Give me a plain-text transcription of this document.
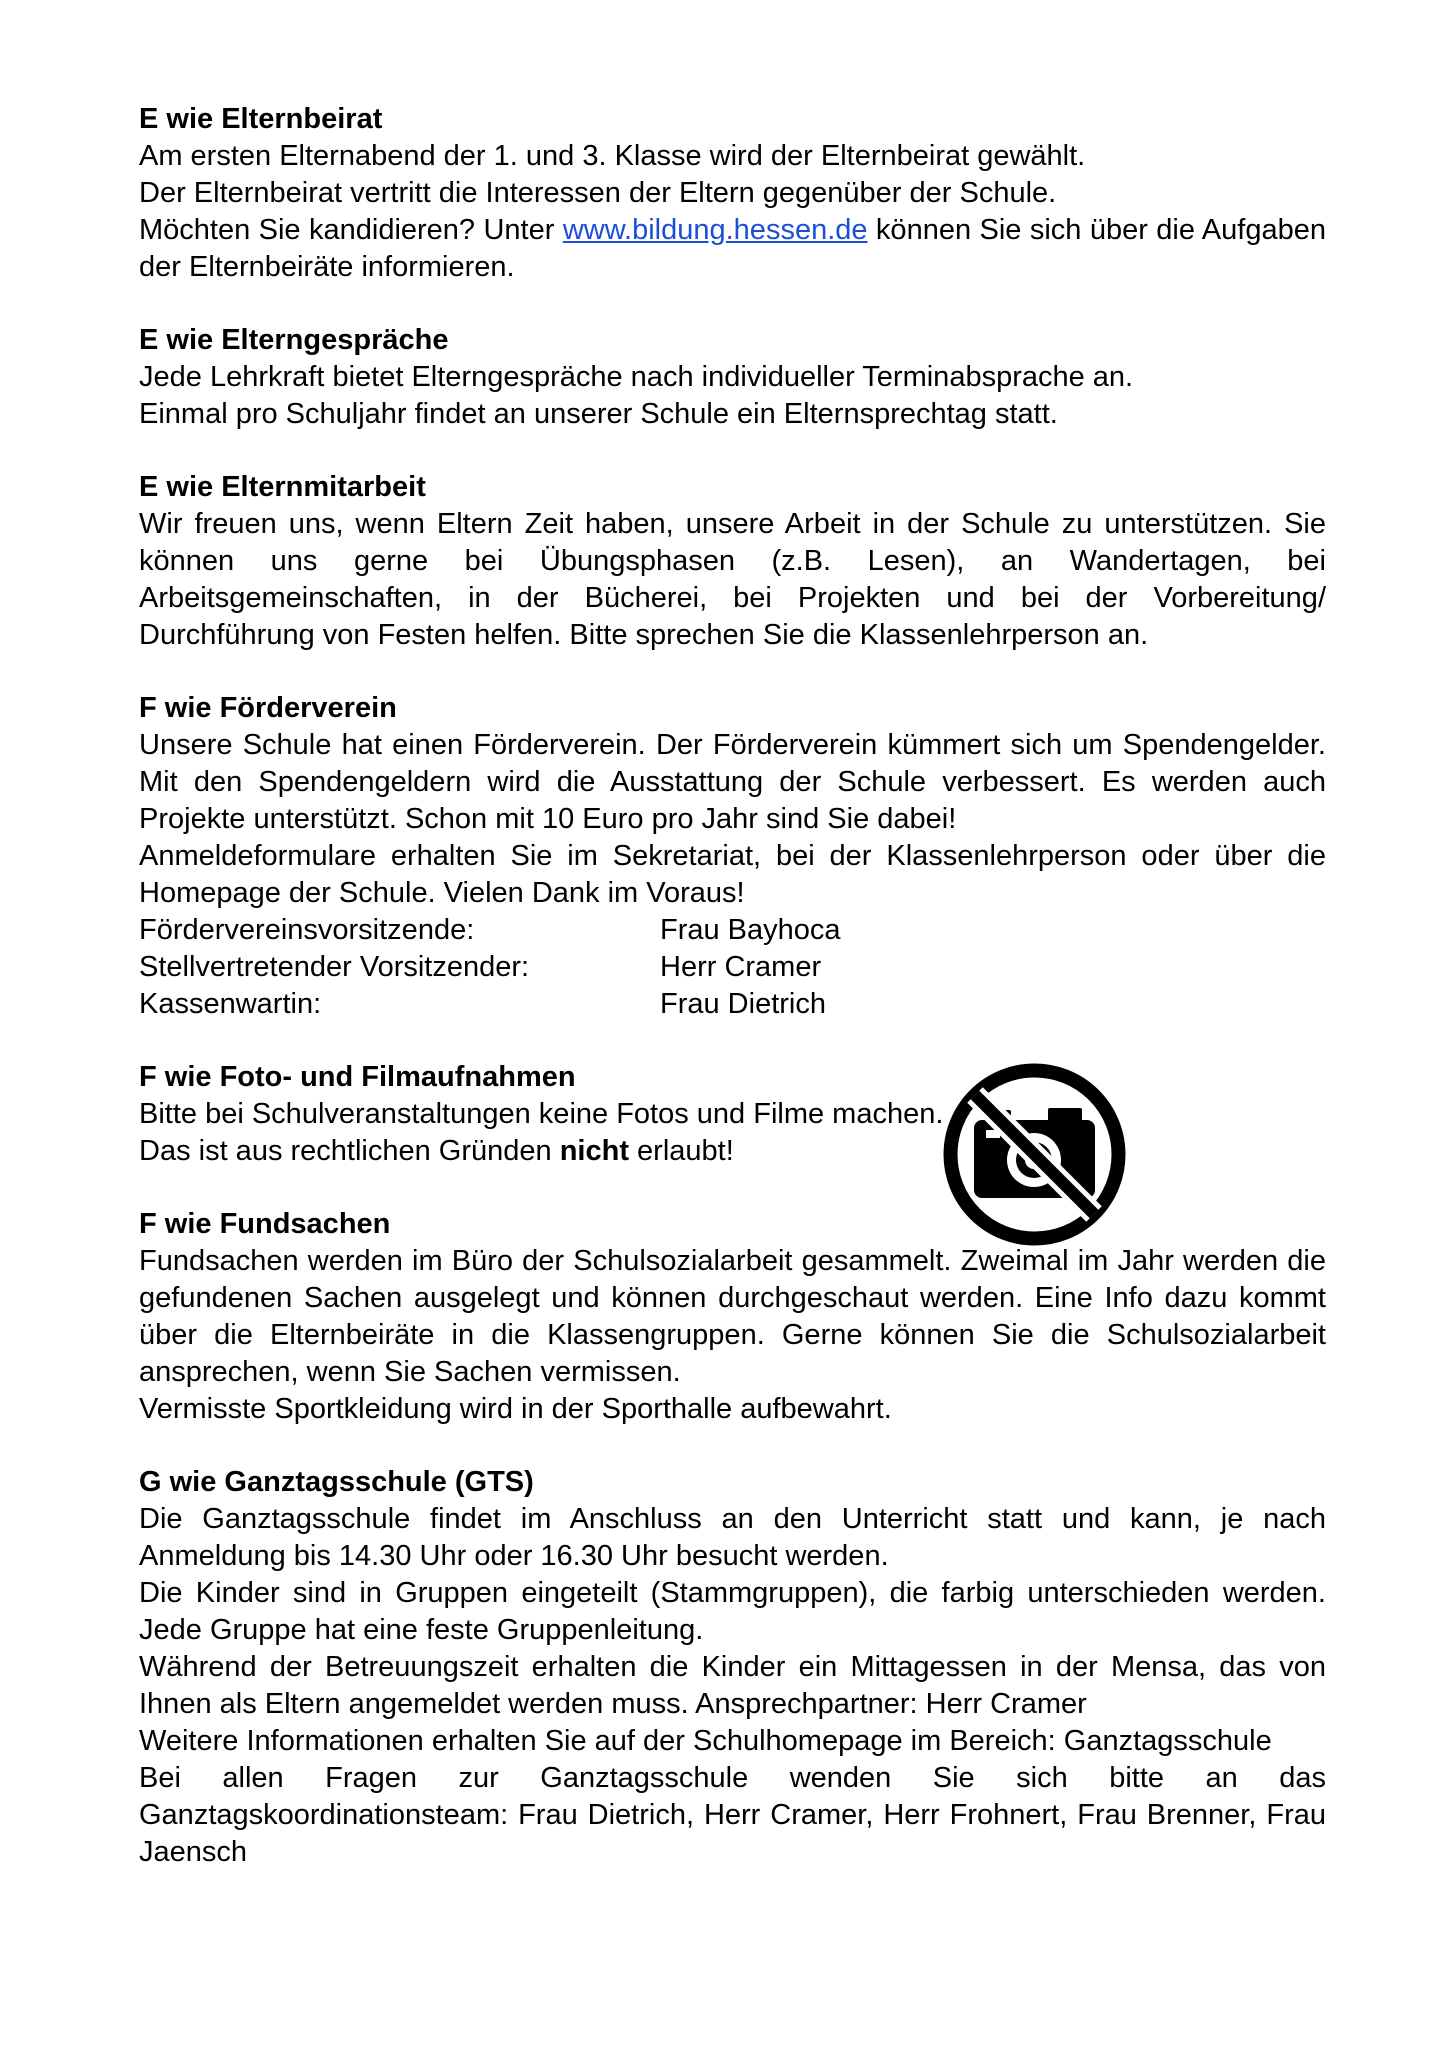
E wie Elternbeirat

Am ersten Elternabend der 1. und 3. Klasse wird der Elternbeirat gewählt.

Der Elternbeirat vertritt die Interessen der Eltern gegenüber der Schule.

Möchten Sie kandidieren? Unter www.bildung.hessen.de können Sie sich über die Aufgaben der Elternbeiräte informieren.

E wie Elterngespräche

Jede Lehrkraft bietet Elterngespräche nach individueller Terminabsprache an.

Einmal pro Schuljahr findet an unserer Schule ein Elternsprechtag statt.

E wie Elternmitarbeit

Wir freuen uns, wenn Eltern Zeit haben, unsere Arbeit in der Schule zu unterstützen. Sie können uns gerne bei Übungsphasen (z.B. Lesen), an Wandertagen, bei Arbeitsgemeinschaften, in der Bücherei, bei Projekten und bei der Vorbereitung/ Durchführung von Festen helfen. Bitte sprechen Sie die Klassenlehrperson an.

F wie Förderverein

Unsere Schule hat einen Förderverein. Der Förderverein kümmert sich um Spendengelder. Mit den Spendengeldern wird die Ausstattung der Schule verbessert. Es werden auch Projekte unterstützt. Schon mit 10 Euro pro Jahr sind Sie dabei!

Anmeldeformulare erhalten Sie im Sekretariat, bei der Klassenlehrperson oder über die Homepage der Schule. Vielen Dank im Voraus!

Fördervereinsvorsitzende:	Frau Bayhoca
Stellvertretender Vorsitzender:	Herr Cramer
Kassenwartin:	Frau Dietrich

F wie Foto- und Filmaufnahmen

Bitte bei Schulveranstaltungen keine Fotos und Filme machen.

Das ist aus rechtlichen Gründen nicht erlaubt!

F wie Fundsachen

Fundsachen werden im Büro der Schulsozialarbeit gesammelt. Zweimal im Jahr werden die gefundenen Sachen ausgelegt und können durchgeschaut werden. Eine Info dazu kommt über die Elternbeiräte in die Klassengruppen. Gerne können Sie die Schulsozialarbeit ansprechen, wenn Sie Sachen vermissen.

Vermisste Sportkleidung wird in der Sporthalle aufbewahrt.

G wie Ganztagsschule (GTS)

Die Ganztagsschule findet im Anschluss an den Unterricht statt und kann, je nach Anmeldung bis 14.30 Uhr oder 16.30 Uhr besucht werden.

Die Kinder sind in Gruppen eingeteilt (Stammgruppen), die farbig unterschieden werden. Jede Gruppe hat eine feste Gruppenleitung.

Während der Betreuungszeit erhalten die Kinder ein Mittagessen in der Mensa, das von Ihnen als Eltern angemeldet werden muss. Ansprechpartner: Herr Cramer

Weitere Informationen erhalten Sie auf der Schulhomepage im Bereich: Ganztagsschule

Bei allen Fragen zur Ganztagsschule wenden Sie sich bitte an das Ganztagskoordinationsteam: Frau Dietrich, Herr Cramer, Herr Frohnert, Frau Brenner, Frau Jaensch
